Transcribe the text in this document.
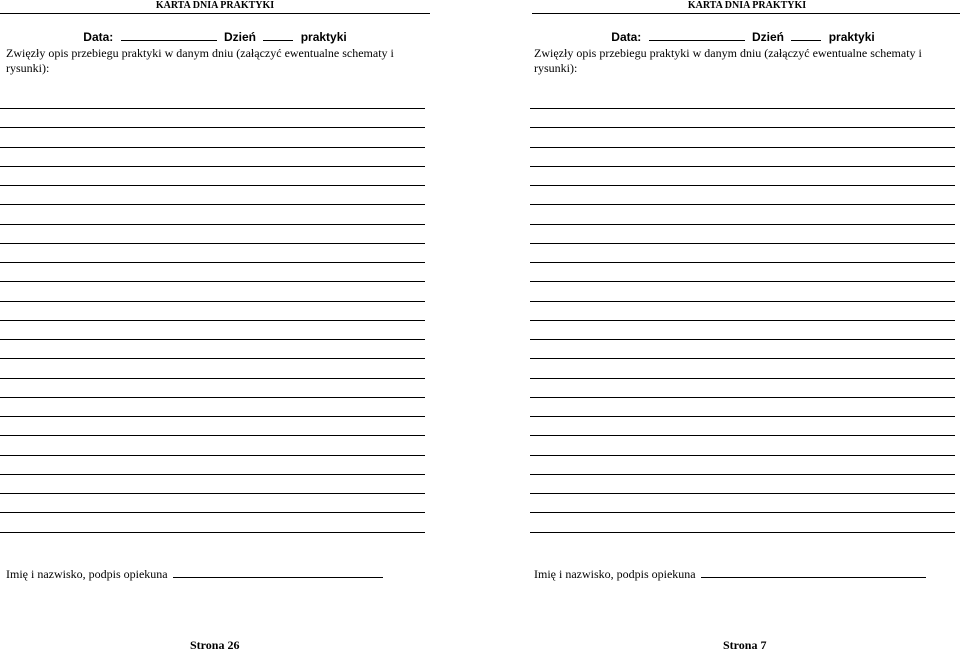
KARTA DNIA PRAKTYKI
Data:	Dzień	praktyki
Zwięzły opis przebiegu praktyki w danym dniu (załączyć ewentualne schematy i rysunki):
Imię i nazwisko, podpis opiekuna
Strona 26
KARTA DNIA PRAKTYKI
Data:	Dzień	praktyki
Zwięzły opis przebiegu praktyki w danym dniu (załączyć ewentualne schematy i rysunki):
Imię i nazwisko, podpis opiekuna
Strona 7
